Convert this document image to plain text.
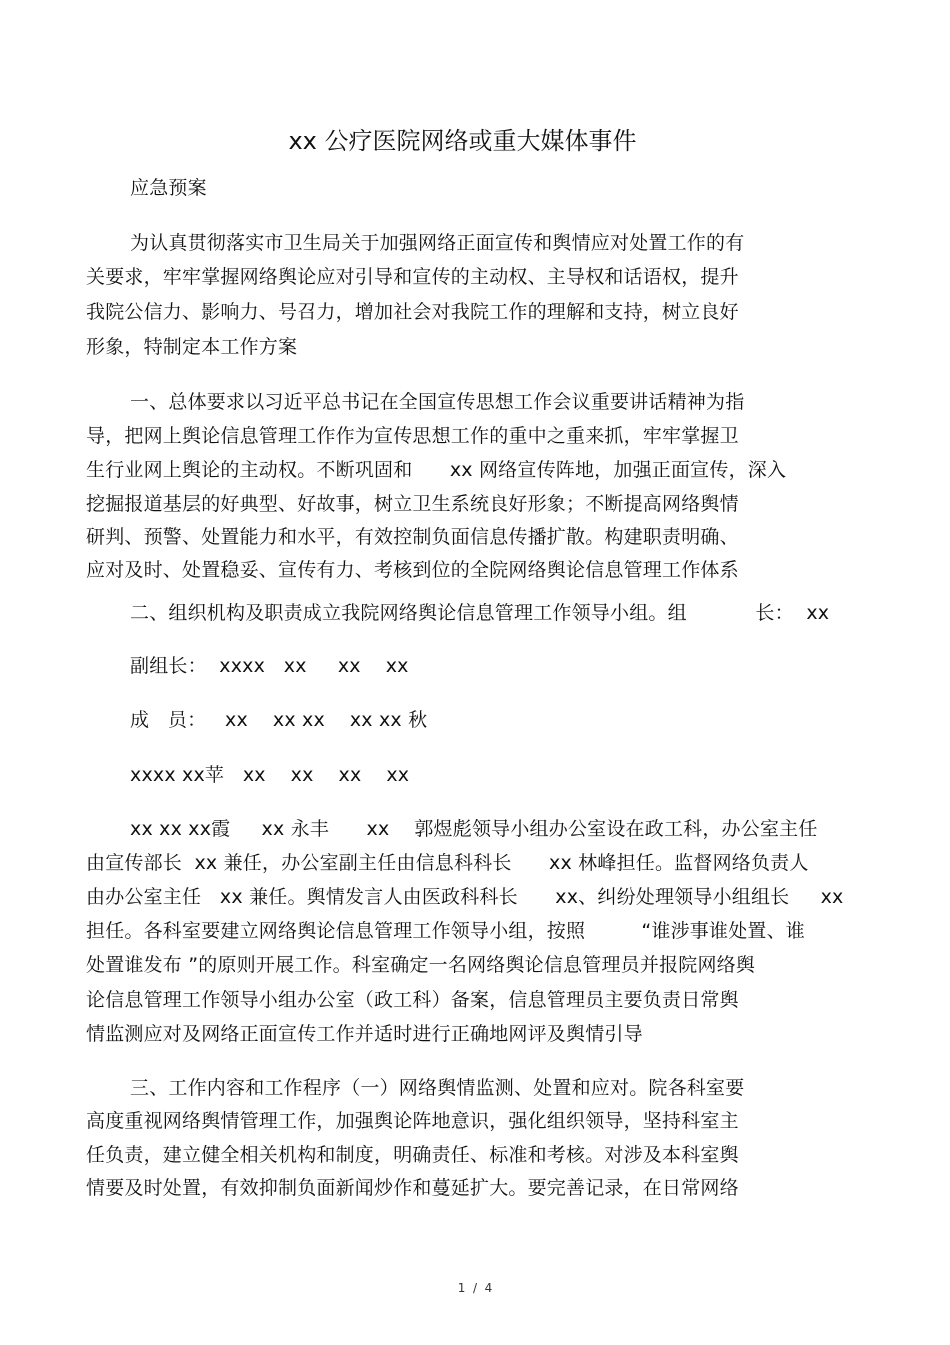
xx 公疗医院网络或重大媒体事件
应急预案
为认真贯彻落实市卫生局关于加强网络正面宣传和舆情应对处置工作的有
关要求，牢牢掌握网络舆论应对引导和宣传的主动权、主导权和话语权，提升
我院公信力、影响力、号召力，增加社会对我院工作的理解和支持，树立良好
形象，特制定本工作方案
一、总体要求以习近平总书记在全国宣传思想工作会议重要讲话精神为指
导，把网上舆论信息管理工作作为宣传思想工作的重中之重来抓，牢牢掌握卫
生行业网上舆论的主动权。不断巩固和      xx 网络宣传阵地，加强正面宣传，深入
挖掘报道基层的好典型、好故事，树立卫生系统良好形象；不断提高网络舆情
研判、预警、处置能力和水平，有效控制负面信息传播扩散。构建职责明确、
应对及时、处置稳妥、宣传有力、考核到位的全院网络舆论信息管理工作体系
二、组织机构及职责成立我院网络舆论信息管理工作领导小组。组           长：  xx
副组长：  xxxx   xx     xx    xx
成   员：   xx    xx xx    xx xx 秋
xxxx xx苹   xx    xx    xx    xx
xx xx xx霞     xx 永丰      xx    郭煜彪领导小组办公室设在政工科，办公室主任
由宣传部长  xx 兼任，办公室副主任由信息科科长      xx 林峰担任。监督网络负责人
由办公室主任   xx 兼任。舆情发言人由医政科科长      xx、纠纷处理领导小组组长     xx
担任。各科室要建立网络舆论信息管理工作领导小组，按照         “谁涉事谁处置、谁
处置谁发布 ”的原则开展工作。科室确定一名网络舆论信息管理员并报院网络舆
论信息管理工作领导小组办公室（政工科）备案，信息管理员主要负责日常舆
情监测应对及网络正面宣传工作并适时进行正确地网评及舆情引导
三、工作内容和工作程序（一）网络舆情监测、处置和应对。院各科室要
高度重视网络舆情管理工作，加强舆论阵地意识，强化组织领导，坚持科室主
任负责，建立健全相关机构和制度，明确责任、标准和考核。对涉及本科室舆
情要及时处置，有效抑制负面新闻炒作和蔓延扩大。要完善记录，在日常网络
1  /  4
